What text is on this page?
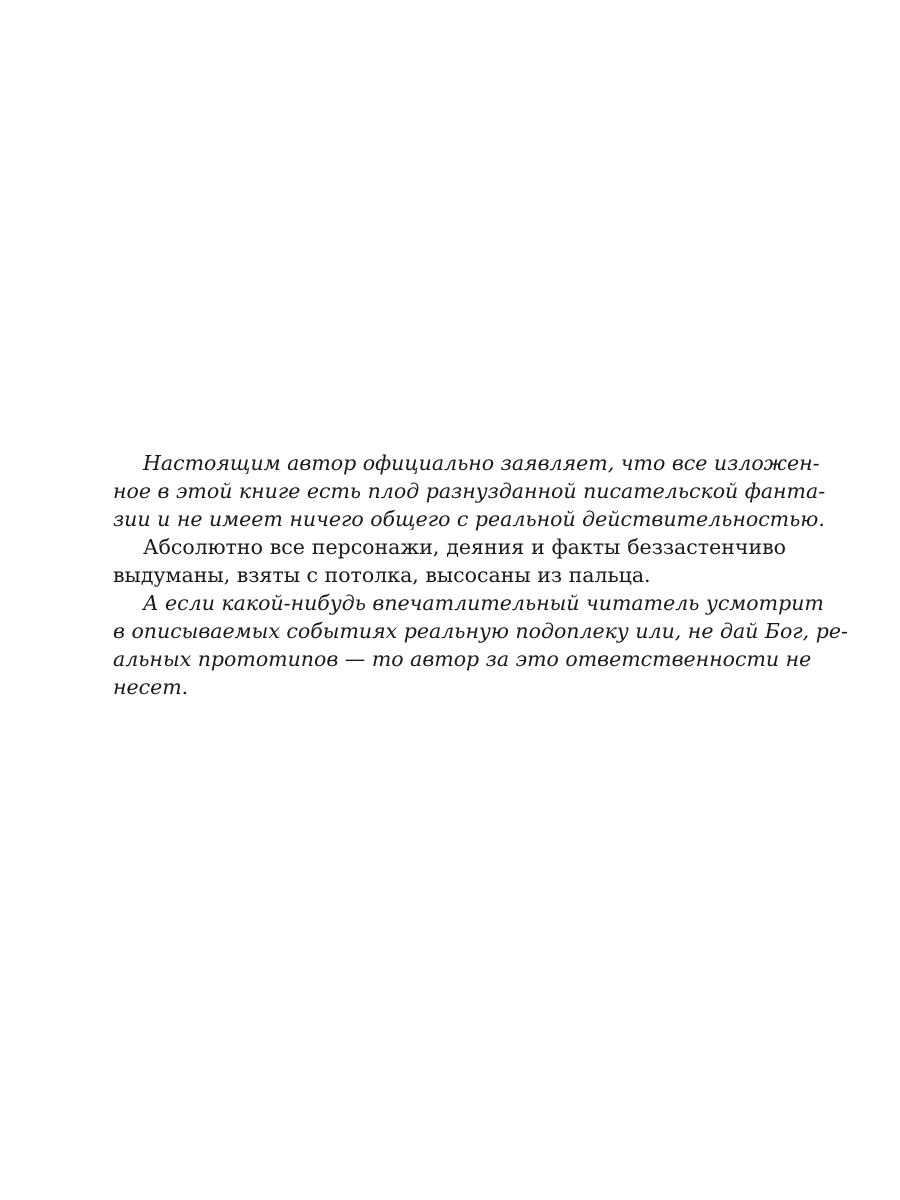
Настоящим автор официально заявляет, что все изложен-
ное в этой книге есть плод разнузданной писательской фанта-
зии и не имеет ничего общего с реальной действительностью.

Абсолютно все персонажи, деяния и факты беззастенчиво
выдуманы, взяты с потолка, высосаны из пальца.

А если какой-нибудь впечатлительный читатель усмотрит
в описываемых событиях реальную подоплеку или, не дай Бог, ре-
альных прототипов — то автор за это ответственности не
несет.
